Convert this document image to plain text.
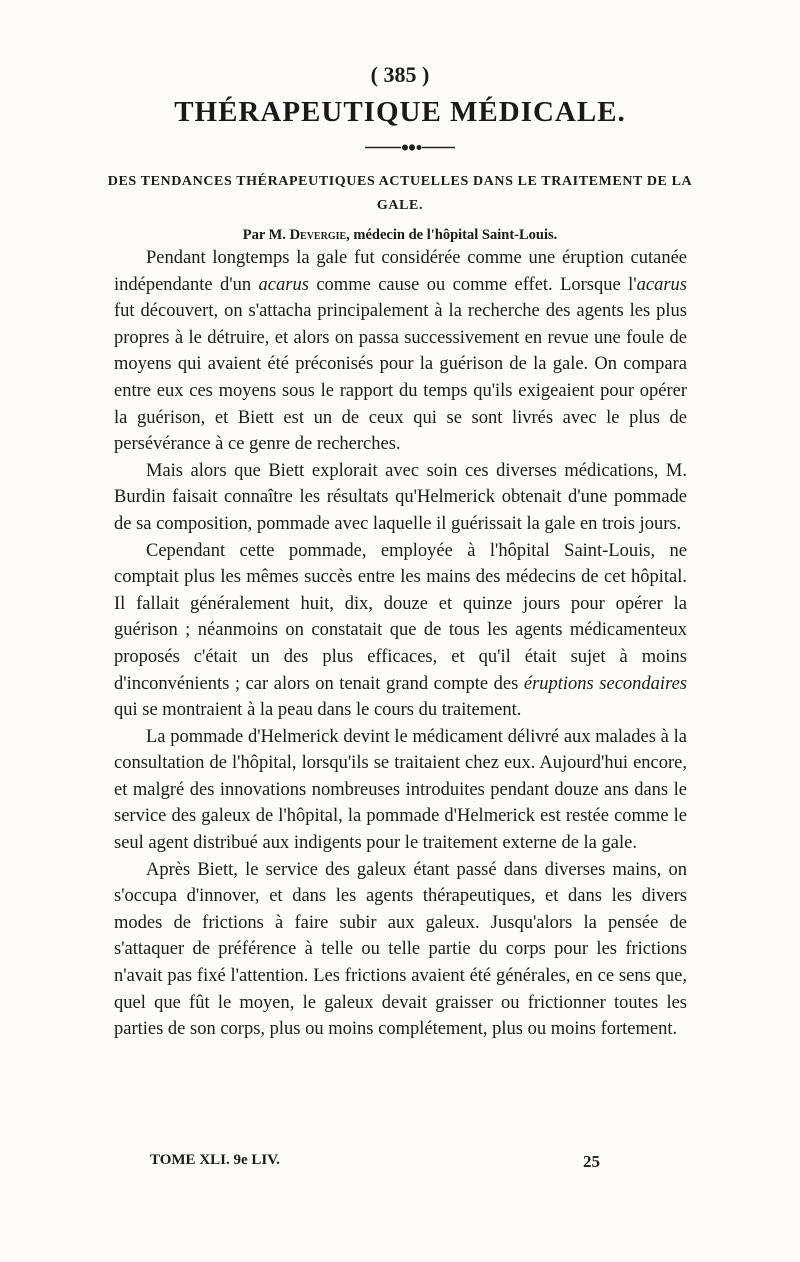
( 385 )
THÉRAPEUTIQUE MÉDICALE.
DES TENDANCES THÉRAPEUTIQUES ACTUELLES DANS LE TRAITEMENT DE LA GALE.
Par M. Devergie, médecin de l'hôpital Saint-Louis.

Pendant longtemps la gale fut considérée comme une éruption cutanée indépendante d'un acarus comme cause ou comme effet. Lorsque l'acarus fut découvert, on s'attacha principalement à la recherche des agents les plus propres à le détruire, et alors on passa successivement en revue une foule de moyens qui avaient été préconisés pour la guérison de la gale. On compara entre eux ces moyens sous le rapport du temps qu'ils exigeaient pour opérer la guérison, et Biett est un de ceux qui se sont livrés avec le plus de persévérance à ce genre de recherches.

Mais alors que Biett explorait avec soin ces diverses médications, M. Burdin faisait connaître les résultats qu'Helmerick obtenait d'une pommade de sa composition, pommade avec laquelle il guérissait la gale en trois jours.

Cependant cette pommade, employée à l'hôpital Saint-Louis, ne comptait plus les mêmes succès entre les mains des médecins de cet hôpital. Il fallait généralement huit, dix, douze et quinze jours pour opérer la guérison ; néanmoins on constatait que de tous les agents médicamenteux proposés c'était un des plus efficaces, et qu'il était sujet à moins d'inconvénients ; car alors on tenait grand compte des éruptions secondaires qui se montraient à la peau dans le cours du traitement.

La pommade d'Helmerick devint le médicament délivré aux malades à la consultation de l'hôpital, lorsqu'ils se traitaient chez eux. Aujourd'hui encore, et malgré des innovations nombreuses introduites pendant douze ans dans le service des galeux de l'hôpital, la pommade d'Helmerick est restée comme le seul agent distribué aux indigents pour le traitement externe de la gale.

Après Biett, le service des galeux étant passé dans diverses mains, on s'occupa d'innover, et dans les agents thérapeutiques, et dans les divers modes de frictions à faire subir aux galeux. Jusqu'alors la pensée de s'attaquer de préférence à telle ou telle partie du corps pour les frictions n'avait pas fixé l'attention. Les frictions avaient été générales, en ce sens que, quel que fût le moyen, le galeux devait graisser ou frictionner toutes les parties de son corps, plus ou moins complétement, plus ou moins fortement.

TOME XLI. 9e LIV.	25
